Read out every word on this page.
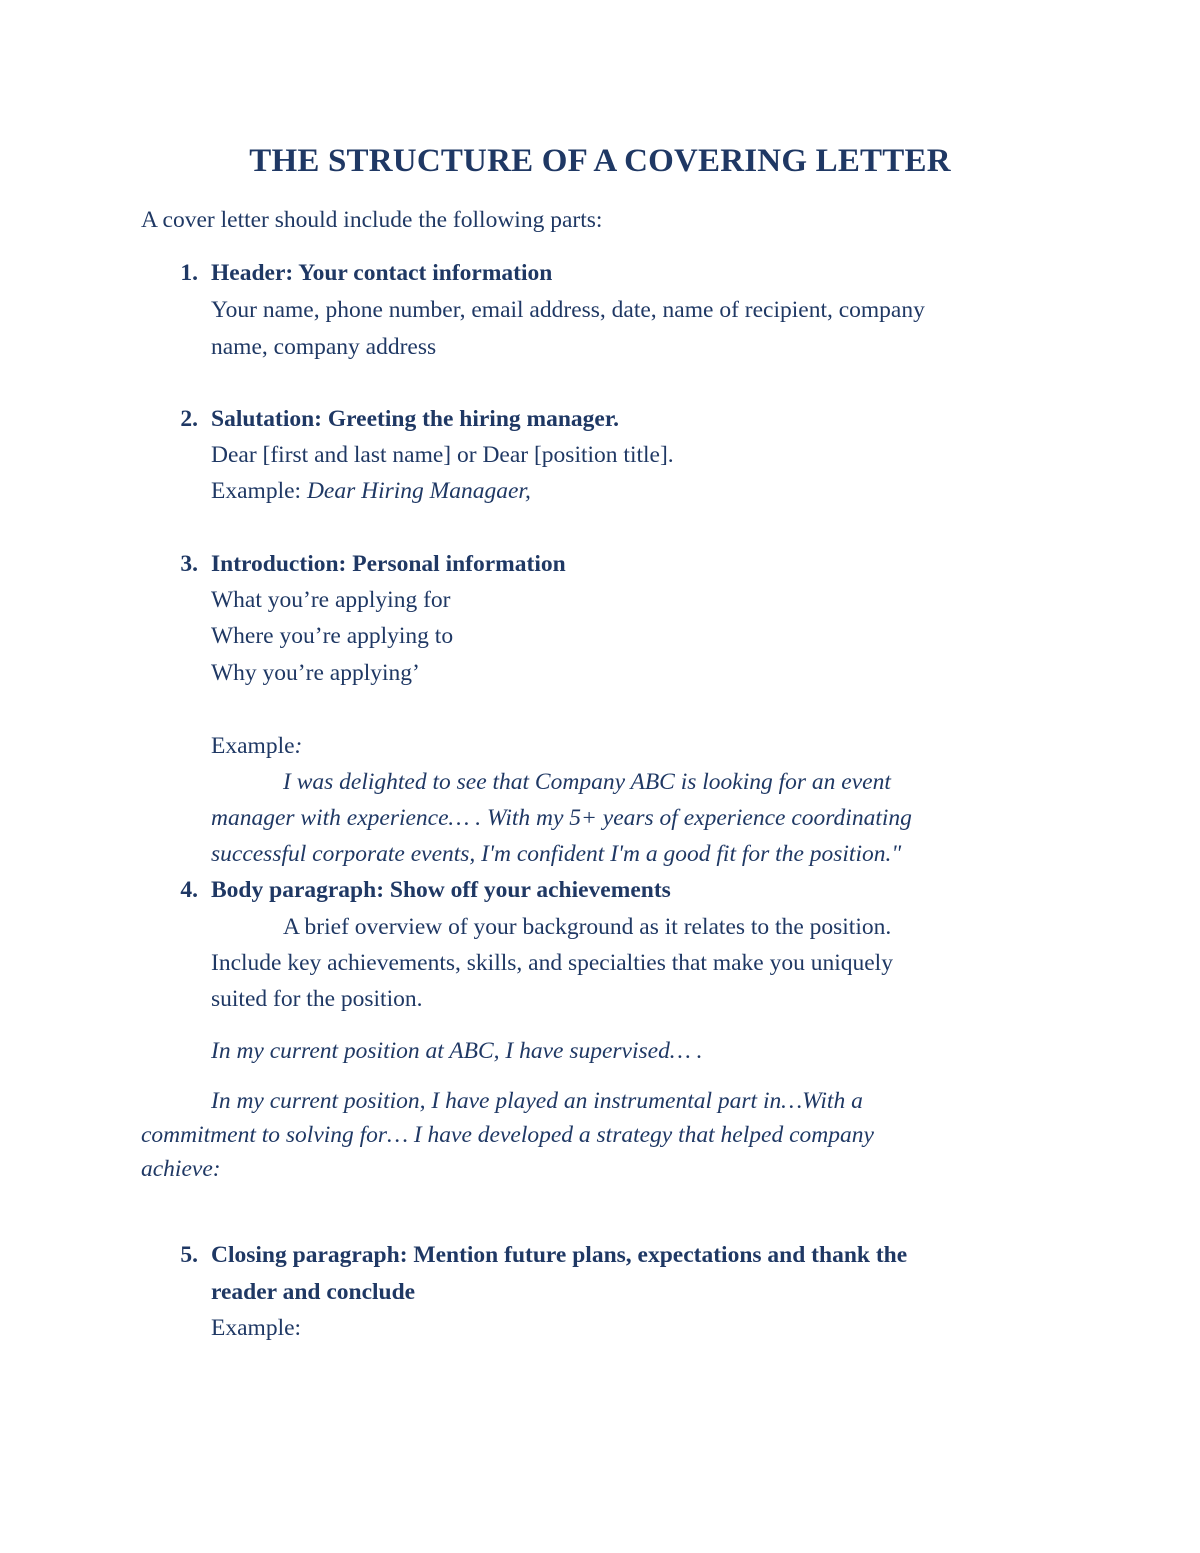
THE STRUCTURE OF A COVERING LETTER

A cover letter should include the following parts:

1. Header: Your contact information

Your name, phone number, email address, date, name of recipient, company

name, company address

2. Salutation: Greeting the hiring manager.

Dear [first and last name] or Dear [position title].

Example: Dear Hiring Managaer,

3. Introduction: Personal information

What you’re applying for

Where you’re applying to

Why you’re applying’

Example:

I was delighted to see that Company ABC is looking for an event

manager with experience… . With my 5+ years of experience coordinating

successful corporate events, I'm confident I'm a good fit for the position."

4. Body paragraph: Show off your achievements

A brief overview of your background as it relates to the position.

Include key achievements, skills, and specialties that make you uniquely

suited for the position.

In my current position at ABC, I have supervised… .

In my current position, I have played an instrumental part in…With a

commitment to solving for… I have developed a strategy that helped company

achieve:

5. Closing paragraph: Mention future plans, expectations and thank the

reader and conclude

Example:
